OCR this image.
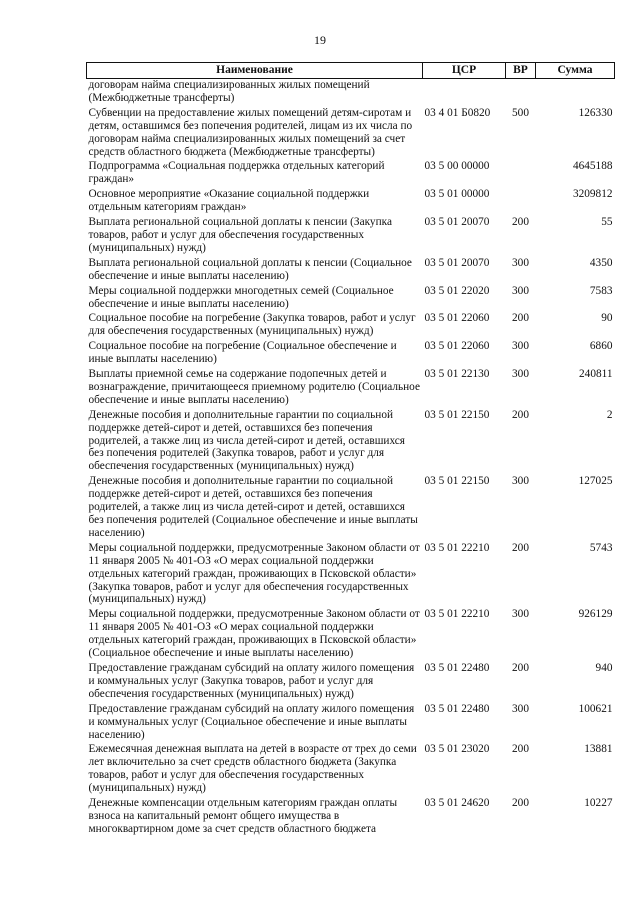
19
Наименование	ЦСР	ВР	Сумма
договорам найма специализированных жилых помещений (Межбюджетные трансферты)			
Субвенции на предоставление жилых помещений детям-сиротам и детям, оставшимся без попечения родителей, лицам из их числа по договорам найма специализированных жилых помещений за счет средств областного бюджета (Межбюджетные трансферты)	03 4 01 Б0820	500	126330
Подпрограмма «Социальная поддержка отдельных категорий граждан»	03 5 00 00000		4645188
Основное мероприятие «Оказание социальной поддержки отдельным категориям граждан»	03 5 01 00000		3209812
Выплата региональной социальной доплаты к пенсии (Закупка товаров, работ и услуг для обеспечения государственных (муниципальных) нужд)	03 5 01 20070	200	55
Выплата региональной социальной доплаты к пенсии (Социальное обеспечение и иные выплаты населению)	03 5 01 20070	300	4350
Меры социальной поддержки многодетных семей (Социальное обеспечение и иные выплаты населению)	03 5 01 22020	300	7583
Социальное пособие на погребение (Закупка товаров, работ и услуг для обеспечения государственных (муниципальных) нужд)	03 5 01 22060	200	90
Социальное пособие на погребение (Социальное обеспечение и иные выплаты населению)	03 5 01 22060	300	6860
Выплаты приемной семье на содержание подопечных детей и вознаграждение, причитающееся приемному родителю (Социальное обеспечение и иные выплаты населению)	03 5 01 22130	300	240811
Денежные пособия и дополнительные гарантии по социальной поддержке детей-сирот и детей, оставшихся без попечения родителей, а также лиц из числа детей-сирот и детей, оставшихся без попечения родителей (Закупка товаров, работ и услуг для обеспечения государственных (муниципальных) нужд)	03 5 01 22150	200	2
Денежные пособия и дополнительные гарантии по социальной поддержке детей-сирот и детей, оставшихся без попечения родителей, а также лиц из числа детей-сирот и детей, оставшихся без попечения родителей (Социальное обеспечение и иные выплаты населению)	03 5 01 22150	300	127025
Меры социальной поддержки, предусмотренные Законом области от 11 января 2005 № 401-ОЗ «О мерах социальной поддержки отдельных категорий граждан, проживающих в Псковской области» (Закупка товаров, работ и услуг для обеспечения государственных (муниципальных) нужд)	03 5 01 22210	200	5743
Меры социальной поддержки, предусмотренные Законом области от 11 января 2005 № 401-ОЗ «О мерах социальной поддержки отдельных категорий граждан, проживающих в Псковской области» (Социальное обеспечение и иные выплаты населению)	03 5 01 22210	300	926129
Предоставление гражданам субсидий на оплату жилого помещения и коммунальных услуг (Закупка товаров, работ и услуг для обеспечения государственных (муниципальных) нужд)	03 5 01 22480	200	940
Предоставление гражданам субсидий на оплату жилого помещения и коммунальных услуг (Социальное обеспечение и иные выплаты населению)	03 5 01 22480	300	100621
Ежемесячная денежная выплата на детей в возрасте от трех до семи лет включительно за счет средств областного бюджета (Закупка товаров, работ и услуг для обеспечения государственных (муниципальных) нужд)	03 5 01 23020	200	13881
Денежные компенсации отдельным категориям граждан оплаты взноса на капитальный ремонт общего имущества в многоквартирном доме за счет средств областного бюджета	03 5 01 24620	200	10227
